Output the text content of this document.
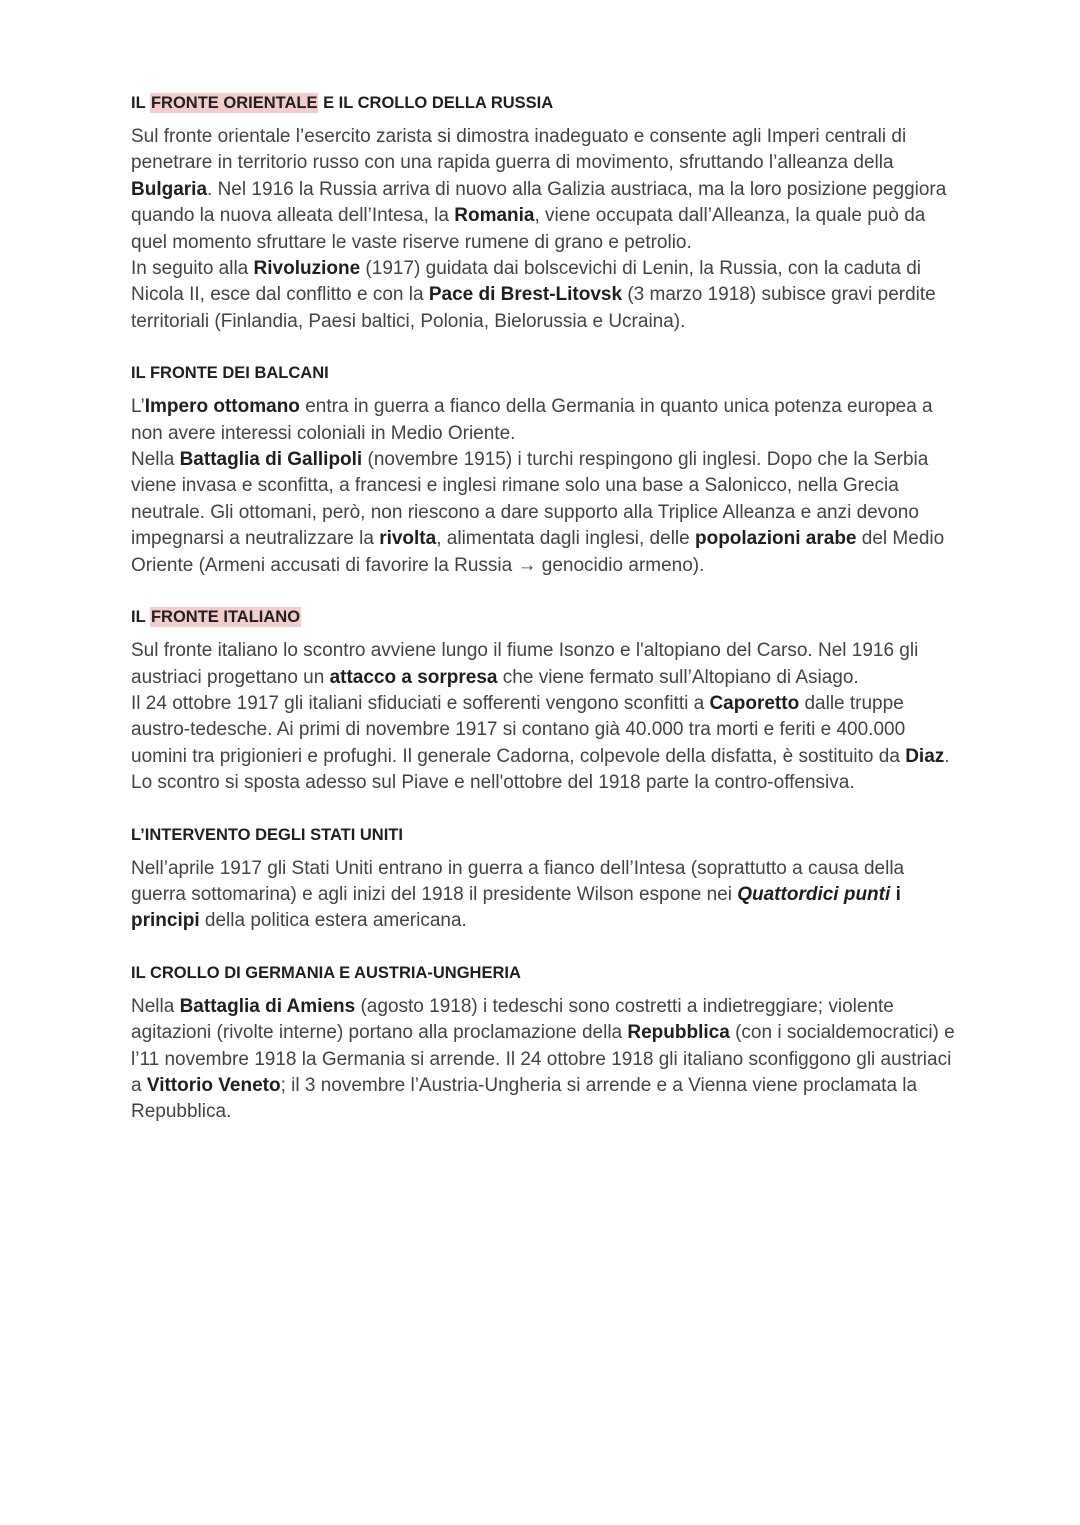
IL FRONTE ORIENTALE E IL CROLLO DELLA RUSSIA

Sul fronte orientale l’esercito zarista si dimostra inadeguato e consente agli Imperi centrali di penetrare in territorio russo con una rapida guerra di movimento, sfruttando l’alleanza della Bulgaria. Nel 1916 la Russia arriva di nuovo alla Galizia austriaca, ma la loro posizione peggiora quando la nuova alleata dell’Intesa, la Romania, viene occupata dall’Alleanza, la quale può da quel momento sfruttare le vaste riserve rumene di grano e petrolio.

In seguito alla Rivoluzione (1917) guidata dai bolscevichi di Lenin, la Russia, con la caduta di Nicola II, esce dal conflitto e con la Pace di Brest-Litovsk (3 marzo 1918) subisce gravi perdite territoriali (Finlandia, Paesi baltici, Polonia, Bielorussia e Ucraina).

IL FRONTE DEI BALCANI

L’Impero ottomano entra in guerra a fianco della Germania in quanto unica potenza europea a non avere interessi coloniali in Medio Oriente.

Nella Battaglia di Gallipoli (novembre 1915) i turchi respingono gli inglesi. Dopo che la Serbia viene invasa e sconfitta, a francesi e inglesi rimane solo una base a Salonicco, nella Grecia neutrale. Gli ottomani, però, non riescono a dare supporto alla Triplice Alleanza e anzi devono impegnarsi a neutralizzare la rivolta, alimentata dagli inglesi, delle popolazioni arabe del Medio Oriente (Armeni accusati di favorire la Russia → genocidio armeno).

IL FRONTE ITALIANO

Sul fronte italiano lo scontro avviene lungo il fiume Isonzo e l'altopiano del Carso. Nel 1916 gli austriaci progettano un attacco a sorpresa che viene fermato sull’Altopiano di Asiago.

Il 24 ottobre 1917 gli italiani sfiduciati e sofferenti vengono sconfitti a Caporetto dalle truppe austro-tedesche. Ai primi di novembre 1917 si contano già 40.000 tra morti e feriti e 400.000 uomini tra prigionieri e profughi. Il generale Cadorna, colpevole della disfatta, è sostituito da Diaz. Lo scontro si sposta adesso sul Piave e nell'ottobre del 1918 parte la contro-offensiva.

L’INTERVENTO DEGLI STATI UNITI

Nell’aprile 1917 gli Stati Uniti entrano in guerra a fianco dell’Intesa (soprattutto a causa della guerra sottomarina) e agli inizi del 1918 il presidente Wilson espone nei Quattordici punti i principi della politica estera americana.

IL CROLLO DI GERMANIA E AUSTRIA-UNGHERIA

Nella Battaglia di Amiens (agosto 1918) i tedeschi sono costretti a indietreggiare; violente agitazioni (rivolte interne) portano alla proclamazione della Repubblica (con i socialdemocratici) e l’11 novembre 1918 la Germania si arrende. Il 24 ottobre 1918 gli italiano sconfiggono gli austriaci a Vittorio Veneto; il 3 novembre l’Austria-Ungheria si arrende e a Vienna viene proclamata la Repubblica.
